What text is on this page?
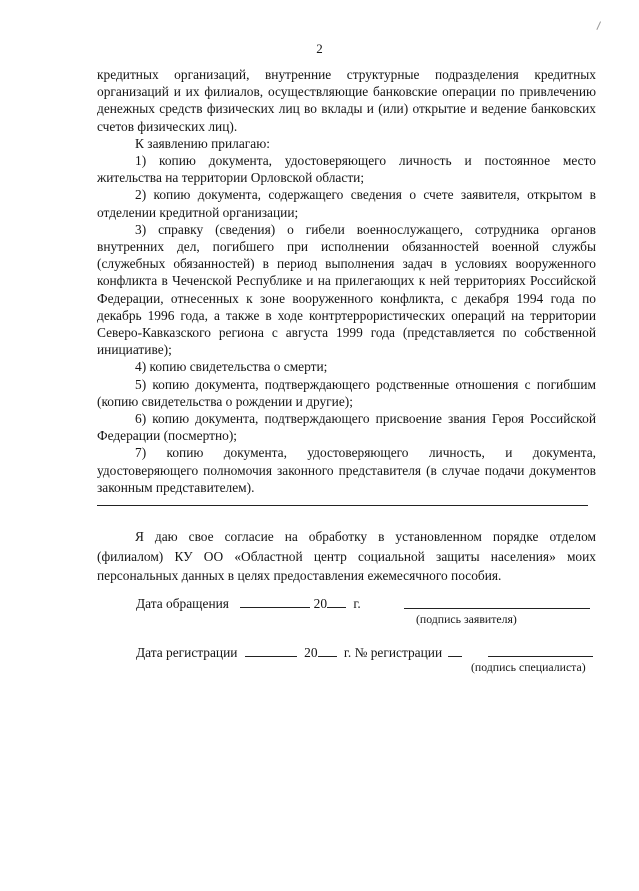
2

кредитных организаций, внутренние структурные подразделения кредитных организаций и их филиалов, осуществляющие банковские операции по привлечению денежных средств физических лиц во вклады и (или) открытие и ведение банковских счетов физических лиц).

К заявлению прилагаю:

1) копию документа, удостоверяющего личность и постоянное место жительства на территории Орловской области;

2) копию документа, содержащего сведения о счете заявителя, открытом в отделении кредитной организации;

3) справку (сведения) о гибели военнослужащего, сотрудника органов внутренних дел, погибшего при исполнении обязанностей военной службы (служебных обязанностей) в период выполнения задач в условиях вооруженного конфликта в Чеченской Республике и на прилегающих к ней территориях Российской Федерации, отнесенных к зоне вооруженного конфликта, с декабря 1994 года по декабрь 1996 года, а также в ходе контртеррористических операций на территории Северо-Кавказского региона с августа 1999 года (представляется по собственной инициативе);

4) копию свидетельства о смерти;

5) копию документа, подтверждающего родственные отношения с погибшим (копию свидетельства о рождении и другие);

6) копию документа, подтверждающего присвоение звания Героя Российской Федерации (посмертно);

7) копию документа, удостоверяющего личность, и документа, удостоверяющего полномочия законного представителя (в случае подачи документов законным представителем).

Я даю свое согласие на обработку в установленном порядке отделом (филиалом) КУ ОО «Областной центр социальной защиты населения» моих персональных данных в целях предоставления ежемесячного пособия.

Дата обращения	20 г.
(подпись заявителя)
Дата регистрации	20 г. № регистрации
(подпись специалиста)
